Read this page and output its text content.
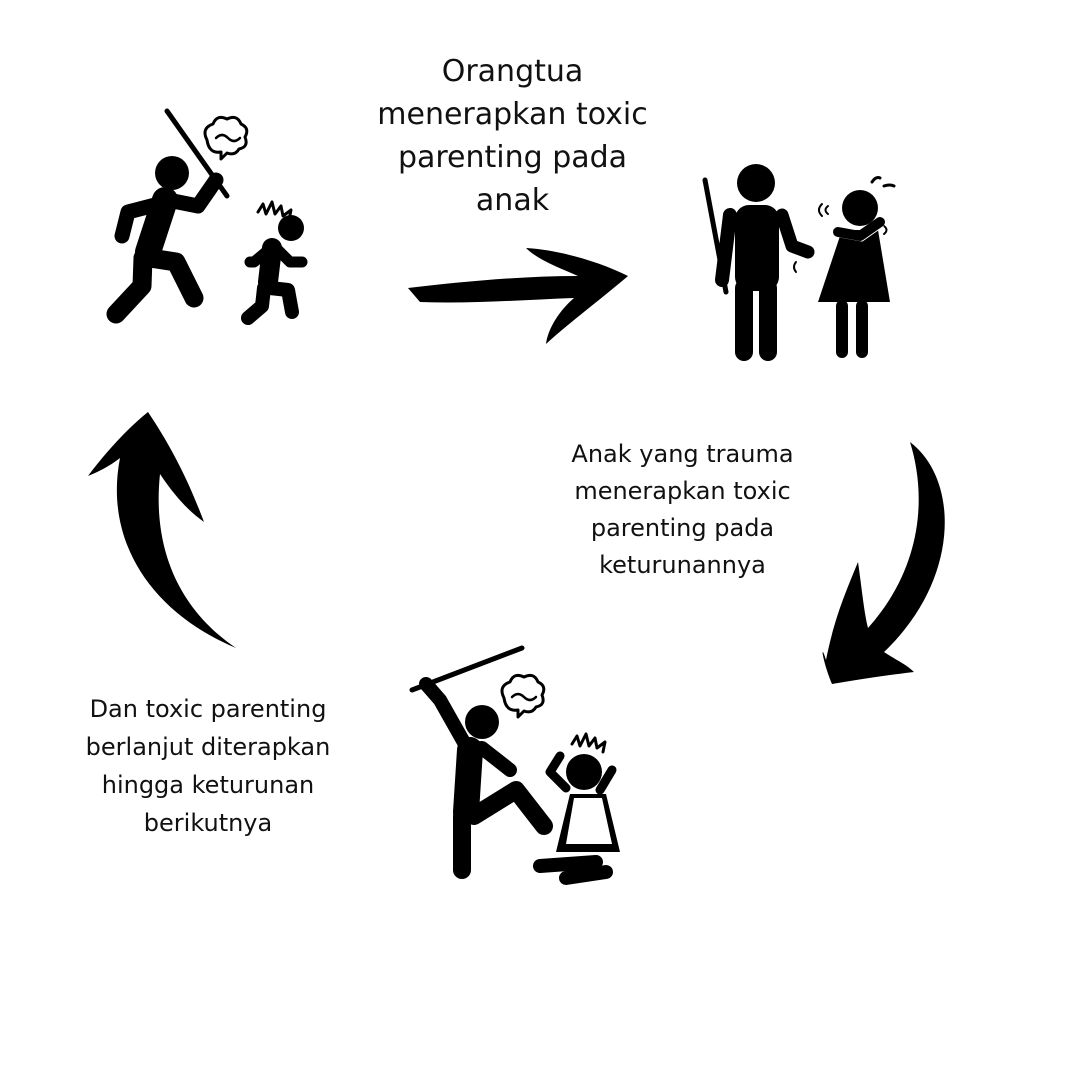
Orangtua
menerapkan toxic
parenting pada
anak
Anak yang trauma
menerapkan toxic
parenting pada
keturunannya
Dan toxic parenting
berlanjut diterapkan
hingga keturunan
berikutnya
